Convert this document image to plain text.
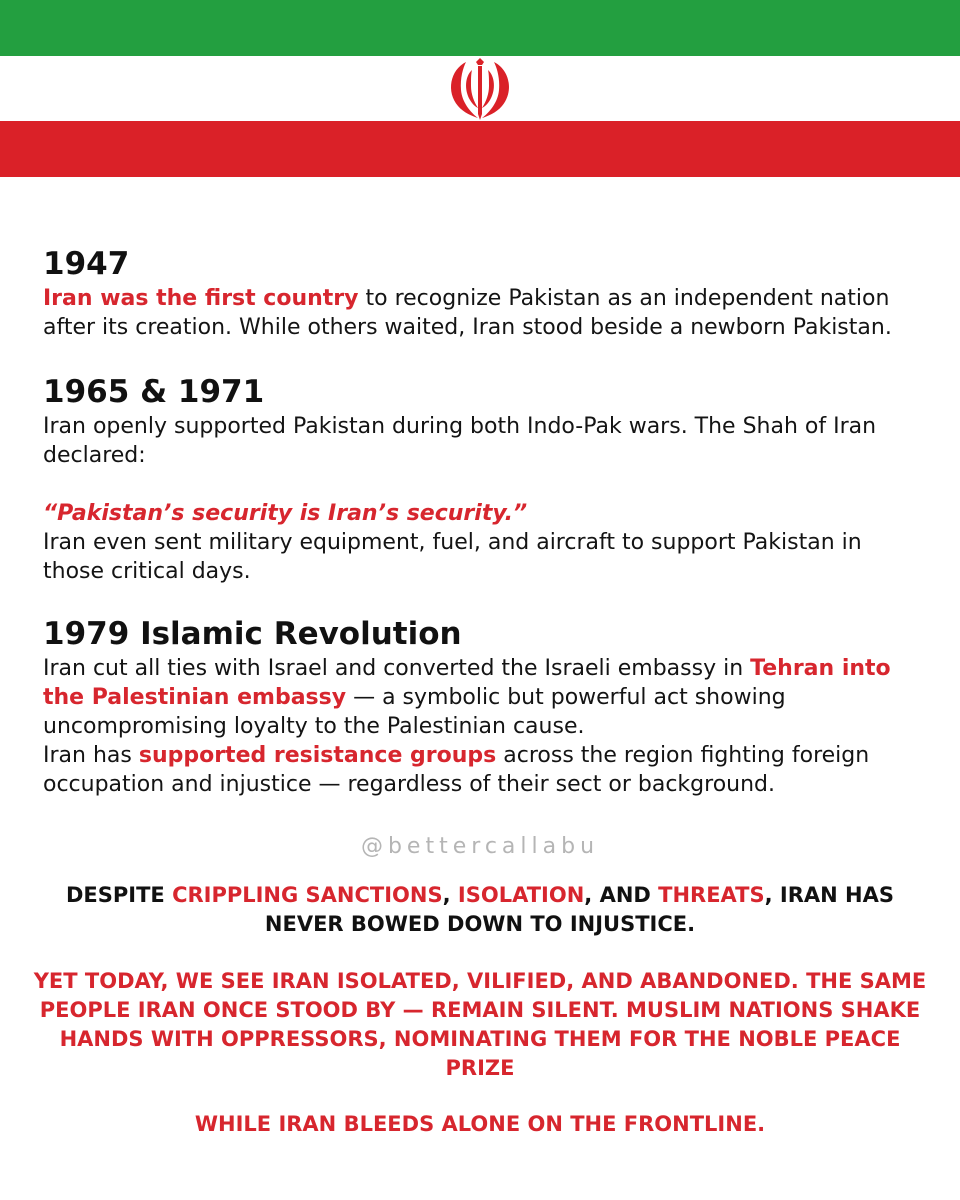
1947

Iran was the first country to recognize Pakistan as an independent nation after its creation. While others waited, Iran stood beside a newborn Pakistan.

1965 & 1971

Iran openly supported Pakistan during both Indo-Pak wars. The Shah of Iran declared:

“Pakistan’s security is Iran’s security.”

Iran even sent military equipment, fuel, and aircraft to support Pakistan in those critical days.

1979 Islamic Revolution

Iran cut all ties with Israel and converted the Israeli embassy in Tehran into the Palestinian embassy — a symbolic but powerful act showing uncompromising loyalty to the Palestinian cause.

Iran has supported resistance groups across the region fighting foreign occupation and injustice — regardless of their sect or background.

@bettercallabu

DESPITE CRIPPLING SANCTIONS, ISOLATION, AND THREATS, IRAN HAS NEVER BOWED DOWN TO INJUSTICE.

YET TODAY, WE SEE IRAN ISOLATED, VILIFIED, AND ABANDONED. THE SAME PEOPLE IRAN ONCE STOOD BY — REMAIN SILENT. MUSLIM NATIONS SHAKE HANDS WITH OPPRESSORS, NOMINATING THEM FOR THE NOBLE PEACE PRIZE

WHILE IRAN BLEEDS ALONE ON THE FRONTLINE.
